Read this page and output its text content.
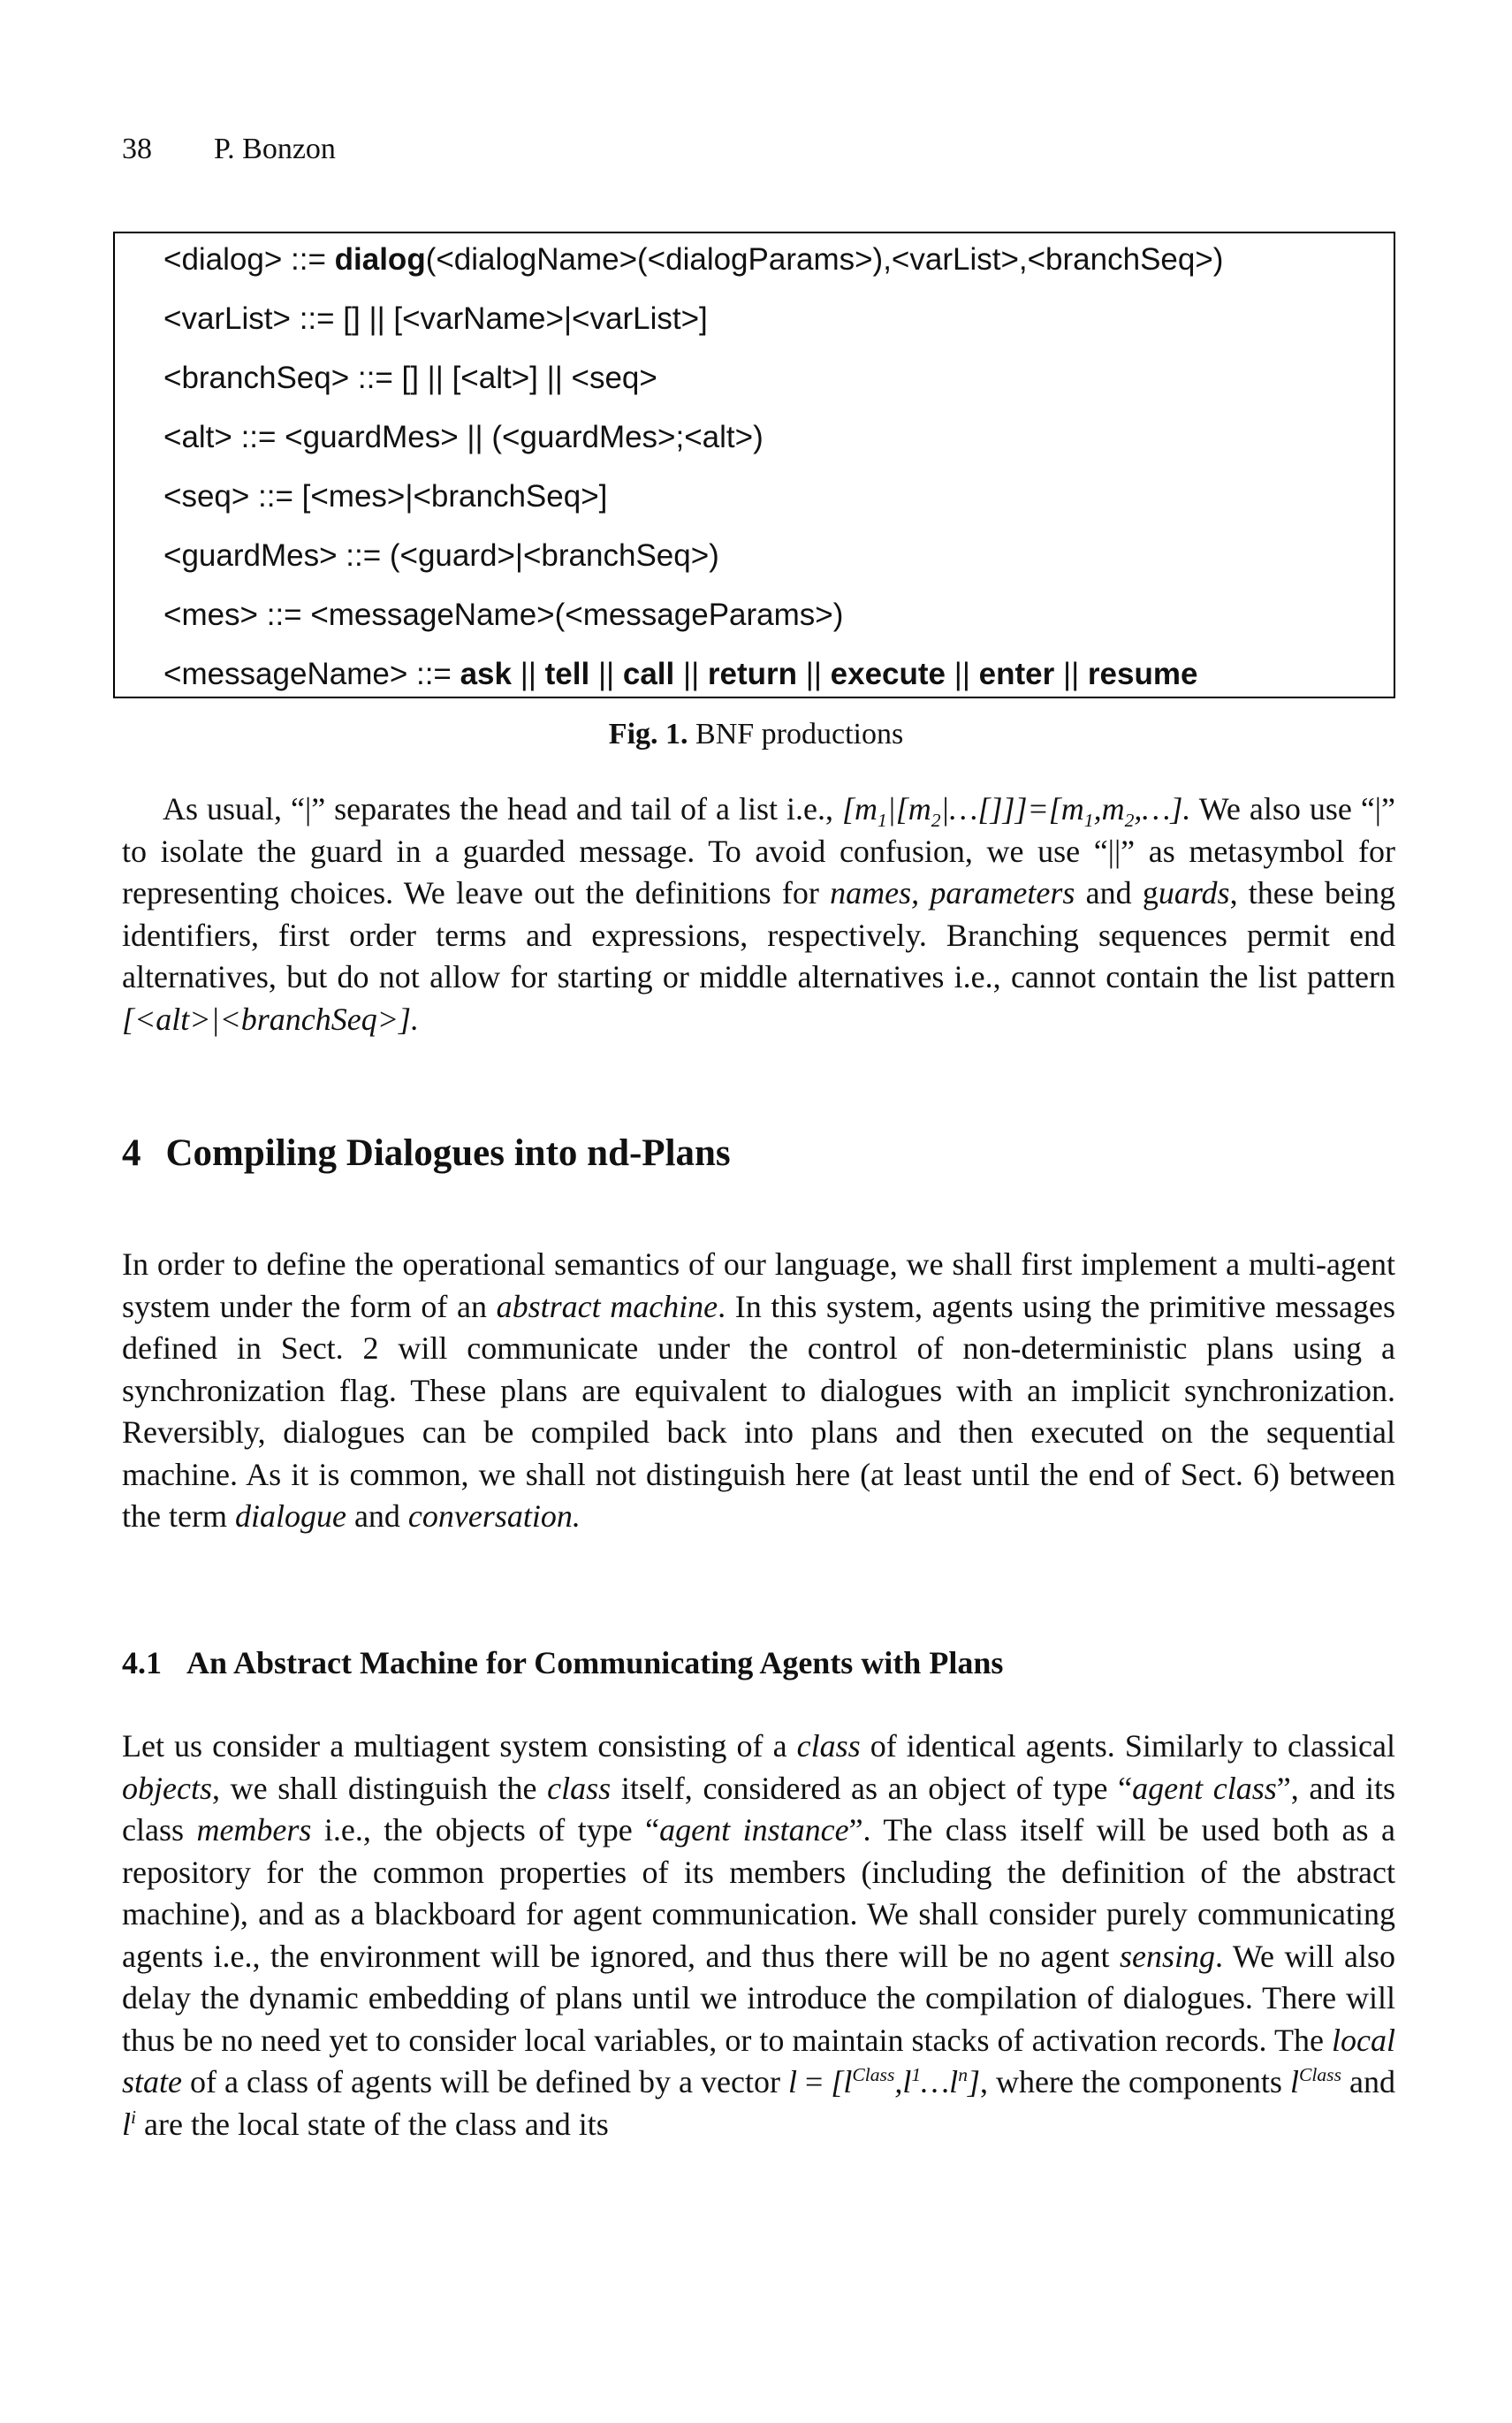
38 P. Bonzon
<dialog> ::= dialog(<dialogName>(<dialogParams>),<varList>,<branchSeq>)
<varList> ::= [] || [<varName>|<varList>]
<branchSeq> ::= [] || [<alt>] || <seq>
<alt> ::= <guardMes> || (<guardMes>;<alt>)
<seq> ::= [<mes>|<branchSeq>]
<guardMes> ::= (<guard>|<branchSeq>)
<mes> ::= <messageName>(<messageParams>)
<messageName> ::= ask || tell || call || return || execute || enter || resume
Fig. 1. BNF productions
As usual, “|” separates the head and tail of a list i.e., $[m_1|[m_2|\dots[]]]=[m_1,m_2,\dots]$. We also use “|” to isolate the guard in a guarded message. To avoid confusion, we use “||” as metasymbol for representing choices. We leave out the definitions for names, parameters and guards, these being identifiers, first order terms and expressions, respectively. Branching sequences permit end alternatives, but do not allow for starting or middle alternatives i.e., cannot contain the list pattern [<alt>|<branchSeq>].
4 Compiling Dialogues into nd-Plans
In order to define the operational semantics of our language, we shall first implement a multi-agent system under the form of an abstract machine. In this system, agents using the primitive messages defined in Sect. 2 will communicate under the control of non-deterministic plans using a synchronization flag. These plans are equivalent to dialogues with an implicit synchronization. Reversibly, dialogues can be compiled back into plans and then executed on the sequential machine. As it is common, we shall not distinguish here (at least until the end of Sect. 6) between the term dialogue and conversation.
4.1 An Abstract Machine for Communicating Agents with Plans
Let us consider a multiagent system consisting of a class of identical agents. Similarly to classical objects, we shall distinguish the class itself, considered as an object of type “agent class”, and its class members i.e., the objects of type “agent instance”. The class itself will be used both as a repository for the common properties of its members (including the definition of the abstract machine), and as a blackboard for agent communication. We shall consider purely communicating agents i.e., the environment will be ignored, and thus there will be no agent sensing. We will also delay the dynamic embedding of plans until we introduce the compilation of dialogues. There will thus be no need yet to consider local variables, or to maintain stacks of activation records. The local state of a class of agents will be defined by a vector $l = [l^{Class},l^1\dots l^n]$, where the components $l^{Class}$ and $l^i$ are the local state of the class and its
